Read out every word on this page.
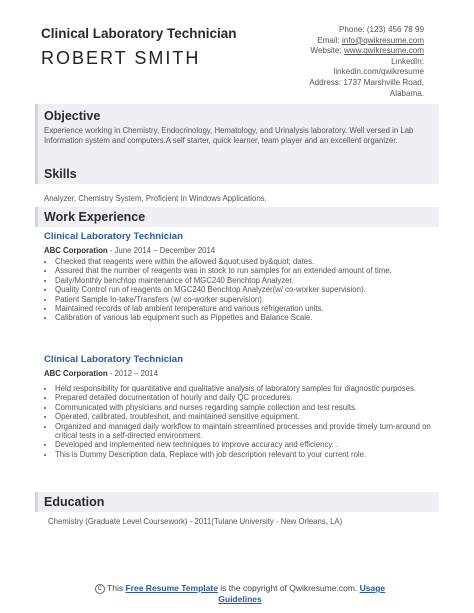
Clinical Laboratory Technician
ROBERT SMITH
Phone: (123) 456 78 99
Email: info@qwikresume.com
Website: www.qwikresume.com
LinkedIn:
linkedin.com/qwikresume
Address: 1737 Marshville Road,
Alabama.
Objective
Experience working in Chemistry, Endocrinology, Hematology, and Urinalysis laboratory. Well versed in Lab Information system and computers.A self starter, quick learner, team player and an excellent organizer.
Skills
Analyzer, Chemistry System, Proficient In Windows Applications.
Work Experience
Clinical Laboratory Technician
ABC Corporation - June 2014 – December 2014
• Checked that reagents were within the allowed &quot;used by&quot; dates.
• Assured that the number of reagents was in stock to run samples for an extended amount of time.
• Daily/Monthly benchtop maintenance of MGC240 Benchtop Analyzer.
• Quality Control run of reagents on MGC240 Benchtop Analyzer(w/ co-worker supervision).
• Patient Sample In-take/Transfers (w/ co-worker supervision).
• Maintained records of lab ambient temperature and various refrigeration units.
• Calibration of various lab equipment such as Pippettes and Balance Scale.
Clinical Laboratory Technician
ABC Corporation - 2012 – 2014
• Held responsibility for quantitative and qualitative analysis of laboratory samples for diagnostic purposes.
• Prepared detailed documentation of hourly and daily QC procedures.
• Communicated with physicians and nurses regarding sample collection and test results.
• Operated, calibrated, troubleshot, and maintained sensitive equipment.
• Organized and managed daily workflow to maintain streamlined processes and provide timely turn-around on critical tests in a self-directed environment.
• Developed and implemented new techniques to improve accuracy and efficiency. .
• This is Dummy Description data, Replace with job description relevant to your current role.
Education
Chemistry (Graduate Level Coursework) - 2011(Tulane University - New Orleans, LA)
C This Free Resume Template is the copyright of Qwikresume.com. Usage
Guidelines
